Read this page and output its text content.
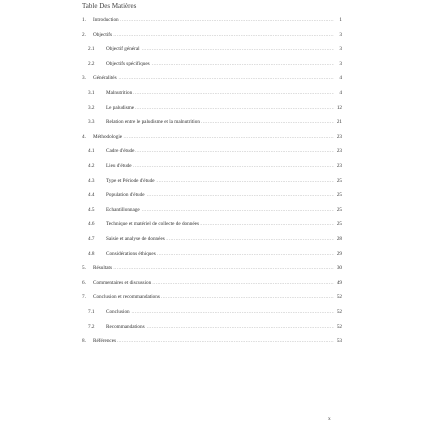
Table Des Matières
1. ..... Introduction	1
2. ..... Objectifs	3
2.1 ..... Objectif général	3
2.2 ..... Objectifs spécifiques	3
3. ..... Généralités	4
3.1 ..... Malnutrition	4
3.2 ..... Le paludisme	12
3.3 ..... Relation entre le paludisme et la malnutrition	21
4. ..... Méthodologie	23
4.1 ..... Cadre d'étude	23
4.2 ..... Lieu d'étude	23
4.3 ..... Type et Période d'étude	25
4.4 ..... Population d'étude	25
4.5 ..... Echantillonnage	25
4.6 ..... Technique et matériel de collecte de données	25
4.7 ..... Saisie et analyse de données	28
4.8 ..... Considérations éthiques	29
5. ..... Résultats	30
6. ..... Commentaires et discussion	49
7. ..... Conclusion et recommandations	52
7.1 ..... Conclusion	52
7.2 ..... Recommandations	52
8. ..... Références	53
x
